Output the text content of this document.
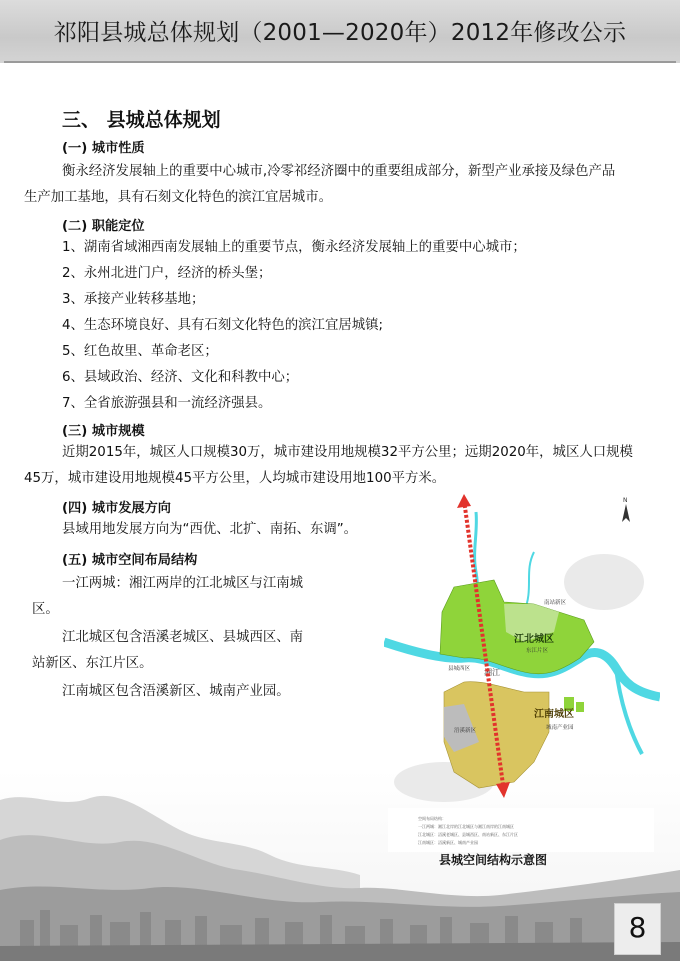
祁阳县城总体规划（2001—2020年）2012年修改公示
三、 县城总体规划
(一) 城市性质
衡永经济发展轴上的重要中心城市,冷零祁经济圈中的重要组成部分，新型产业承接及绿色产品
生产加工基地，具有石刻文化特色的滨江宜居城市。
(二) 职能定位
1、湖南省域湘西南发展轴上的重要节点，衡永经济发展轴上的重要中心城市；
2、永州北进门户，经济的桥头堡；
3、承接产业转移基地；
4、生态环境良好、具有石刻文化特色的滨江宜居城镇;
5、红色故里、革命老区；
6、县域政治、经济、文化和科教中心；
7、全省旅游强县和一流经济强县。
(三) 城市规模
近期2015年，城区人口规模30万，城市建设用地规模32平方公里；远期2020年，城区人口规模
45万，城市建设用地规模45平方公里，人均城市建设用地100平方米。
(四) 城市发展方向
县域用地发展方向为“西优、北扩、南拓、东调”。
(五) 城市空间布局结构
一江两城：湘江两岸的江北城区与江南城
区。
江北城区包含浯溪老城区、县城西区、南
站新区、东江片区。
江南城区包含浯溪新区、城南产业园。
湘江
江北城区
江南城区
城南产业园
浯溪新区
东江片区
县城西区
南站新区
N
空间布局结构：
一江两城：湘江北岸的江北城区与湘江南岸的江南城区
江北城区：浯溪老城区、县城西区、南站新区、东江片区
江南城区：浯溪新区、城南产业园
县城空间结构示意图
8
